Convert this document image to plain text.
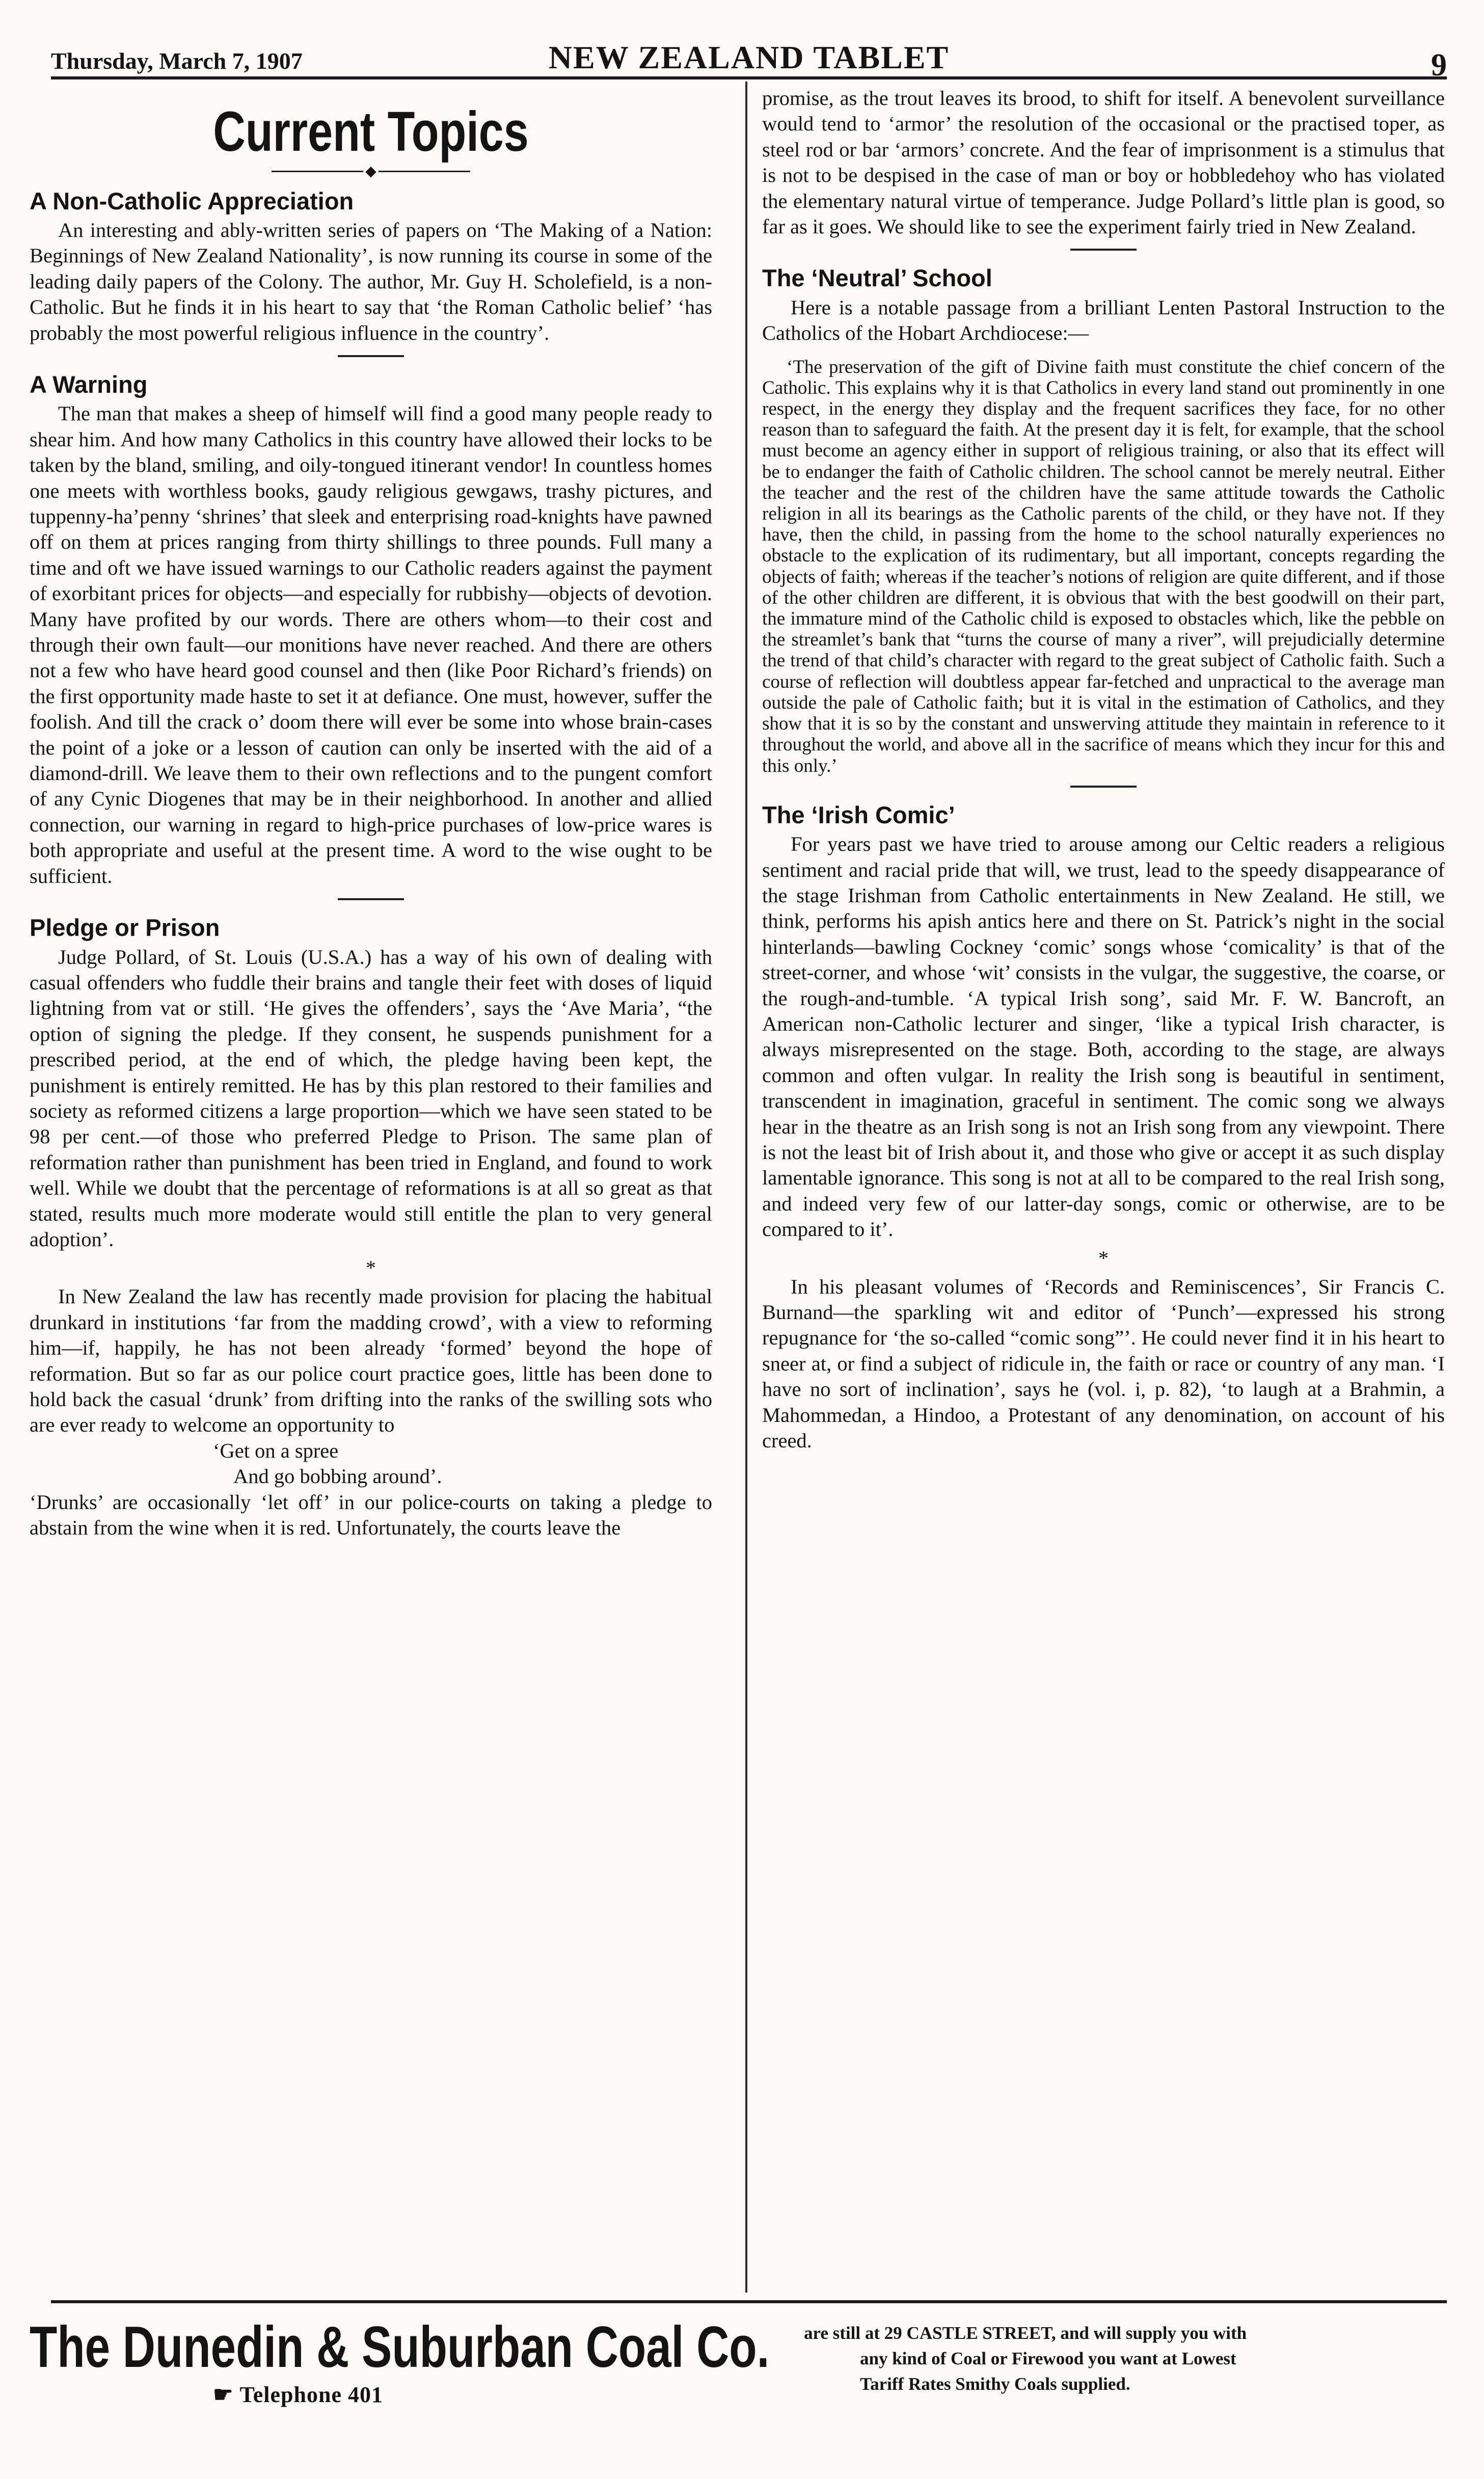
Thursday, March 7, 1907	NEW ZEALAND TABLET	9
Current Topics
◆
A Non-Catholic Appreciation

An interesting and ably-written series of papers on ‘The Making of a Nation: Beginnings of New Zealand Nationality’, is now running its course in some of the leading daily papers of the Colony. The author, Mr. Guy H. Scholefield, is a non-Catholic. But he finds it in his heart to say that ‘the Roman Catholic belief’ ‘has probably the most powerful religious influence in the country’.

A Warning

The man that makes a sheep of himself will find a good many people ready to shear him. And how many Catholics in this country have allowed their locks to be taken by the bland, smiling, and oily-tongued itinerant vendor! In countless homes one meets with worthless books, gaudy religious gewgaws, trashy pictures, and tuppenny-ha’penny ‘shrines’ that sleek and enterprising road-knights have pawned off on them at prices ranging from thirty shillings to three pounds. Full many a time and oft we have issued warnings to our Catholic readers against the payment of exorbitant prices for objects—and especially for rubbishy—objects of devotion. Many have profited by our words. There are others whom—to their cost and through their own fault—our monitions have never reached. And there are others not a few who have heard good counsel and then (like Poor Richard’s friends) on the first opportunity made haste to set it at defiance. One must, however, suffer the foolish. And till the crack o’ doom there will ever be some into whose brain-cases the point of a joke or a lesson of caution can only be inserted with the aid of a diamond-drill. We leave them to their own reflections and to the pungent comfort of any Cynic Diogenes that may be in their neighborhood. In another and allied connection, our warning in regard to high-price purchases of low-price wares is both appropriate and useful at the present time. A word to the wise ought to be sufficient.

Pledge or Prison

Judge Pollard, of St. Louis (U.S.A.) has a way of his own of dealing with casual offenders who fuddle their brains and tangle their feet with doses of liquid lightning from vat or still. ‘He gives the offenders’, says the ‘Ave Maria’, “the option of signing the pledge. If they consent, he suspends punishment for a prescribed period, at the end of which, the pledge having been kept, the punishment is entirely remitted. He has by this plan restored to their families and society as reformed citizens a large proportion—which we have seen stated to be 98 per cent.—of those who preferred Pledge to Prison. The same plan of reformation rather than punishment has been tried in England, and found to work well. While we doubt that the percentage of reformations is at all so great as that stated, results much more moderate would still entitle the plan to very general adoption’.

*

In New Zealand the law has recently made provision for placing the habitual drunkard in institutions ‘far from the madding crowd’, with a view to reforming him—if, happily, he has not been already ‘formed’ beyond the hope of reformation. But so far as our police court practice goes, little has been done to hold back the casual ‘drunk’ from drifting into the ranks of the swilling sots who are ever ready to welcome an opportunity to

‘Get on a spree

And go bobbing around’.

‘Drunks’ are occasionally ‘let off’ in our police-courts on taking a pledge to abstain from the wine when it is red. Unfortunately, the courts leave the

promise, as the trout leaves its brood, to shift for itself. A benevolent surveillance would tend to ‘armor’ the resolution of the occasional or the practised toper, as steel rod or bar ‘armors’ concrete. And the fear of imprisonment is a stimulus that is not to be despised in the case of man or boy or hobbledehoy who has violated the elementary natural virtue of temperance. Judge Pollard’s little plan is good, so far as it goes. We should like to see the experiment fairly tried in New Zealand.

The ‘Neutral’ School

Here is a notable passage from a brilliant Lenten Pastoral Instruction to the Catholics of the Hobart Archdiocese:—

‘The preservation of the gift of Divine faith must constitute the chief concern of the Catholic. This explains why it is that Catholics in every land stand out prominently in one respect, in the energy they display and the frequent sacrifices they face, for no other reason than to safeguard the faith. At the present day it is felt, for example, that the school must become an agency either in support of religious training, or also that its effect will be to endanger the faith of Catholic children. The school cannot be merely neutral. Either the teacher and the rest of the children have the same attitude towards the Catholic religion in all its bearings as the Catholic parents of the child, or they have not. If they have, then the child, in passing from the home to the school naturally experiences no obstacle to the explication of its rudimentary, but all important, concepts regarding the objects of faith; whereas if the teacher’s notions of religion are quite different, and if those of the other children are different, it is obvious that with the best goodwill on their part, the immature mind of the Catholic child is exposed to obstacles which, like the pebble on the streamlet’s bank that “turns the course of many a river”, will prejudicially determine the trend of that child’s character with regard to the great subject of Catholic faith. Such a course of reflection will doubtless appear far-fetched and unpractical to the average man outside the pale of Catholic faith; but it is vital in the estimation of Catholics, and they show that it is so by the constant and unswerving attitude they maintain in reference to it throughout the world, and above all in the sacrifice of means which they incur for this and this only.’

The ‘Irish Comic’

For years past we have tried to arouse among our Celtic readers a religious sentiment and racial pride that will, we trust, lead to the speedy disappearance of the stage Irishman from Catholic entertainments in New Zealand. He still, we think, performs his apish antics here and there on St. Patrick’s night in the social hinterlands—bawling Cockney ‘comic’ songs whose ‘comicality’ is that of the street-corner, and whose ‘wit’ consists in the vulgar, the suggestive, the coarse, or the rough-and-tumble. ‘A typical Irish song’, said Mr. F. W. Bancroft, an American non-Catholic lecturer and singer, ‘like a typical Irish character, is always misrepresented on the stage. Both, according to the stage, are always common and often vulgar. In reality the Irish song is beautiful in sentiment, transcendent in imagination, graceful in sentiment. The comic song we always hear in the theatre as an Irish song is not an Irish song from any viewpoint. There is not the least bit of Irish about it, and those who give or accept it as such display lamentable ignorance. This song is not at all to be compared to the real Irish song, and indeed very few of our latter-day songs, comic or otherwise, are to be compared to it’.

*

In his pleasant volumes of ‘Records and Reminiscences’, Sir Francis C. Burnand—the sparkling wit and editor of ‘Punch’—expressed his strong repugnance for ‘the so-called “comic song”’. He could never find it in his heart to sneer at, or find a subject of ridicule in, the faith or race or country of any man. ‘I have no sort of inclination’, says he (vol. i, p. 82), ‘to laugh at a Brahmin, a Mahommedan, a Hindoo, a Protestant of any denomination, on account of his creed.

The Dunedin & Suburban Coal Co.
☛ Telephone 401
are still at 29 CASTLE STREET, and will supply you with
any kind of Coal or Firewood you want at Lowest
Tariff Rates Smithy Coals supplied.
